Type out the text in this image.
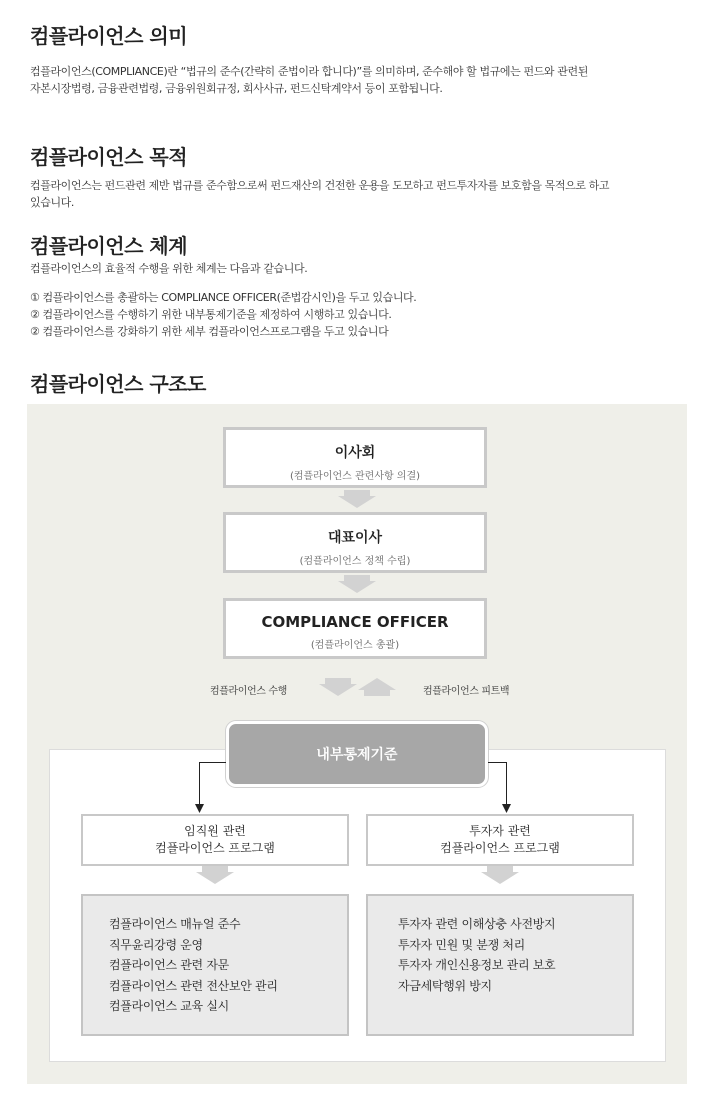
컴플라이언스 의미
컴플라이언스(COMPLIANCE)란 “법규의 준수(간략히 준법이라 합니다)”를 의미하며, 준수해야 할 법규에는 펀드와 관련된
자본시장법령, 금융관련법령, 금융위원회규정, 회사사규, 펀드신탁계약서 등이 포함됩니다.
컴플라이언스 목적
컴플라이언스는 펀드관련 제반 법규를 준수함으로써 펀드재산의 건전한 운용을 도모하고 펀드투자자를 보호함을 목적으로 하고
있습니다.
컴플라이언스 체계
컴플라이언스의 효율적 수행을 위한 체계는 다음과 같습니다.
① 컴플라이언스를 총괄하는 COMPLIANCE OFFICER(준법감시인)을 두고 있습니다.
② 컴플라이언스를 수행하기 위한 내부통제기준을 제정하여 시행하고 있습니다.
② 컴플라이언스를 강화하기 위한 세부 컴플라이언스프로그램을 두고 있습니다
컴플라이언스 구조도
이사회
(컴플라이언스 관련사항 의결)
대표이사
(컴플라이언스 정책 수립)
COMPLIANCE OFFICER
(컴플라이언스 총괄)
컴플라이언스 수행	컴플라이언스 피트백
내부통제기준
임직원 관련
컴플라이언스 프로그램
투자자 관련
컴플라이언스 프로그램
컴플라이언스 매뉴얼 준수
직무윤리강령 운영
컴플라이언스 관련 자문
컴플라이언스 관련 전산보안 관리
컴플라이언스 교육 실시
투자자 관련 이해상충 사전방지
투자자 민원 및 분쟁 처리
투자자 개인신용정보 관리 보호
자금세탁행위 방지
